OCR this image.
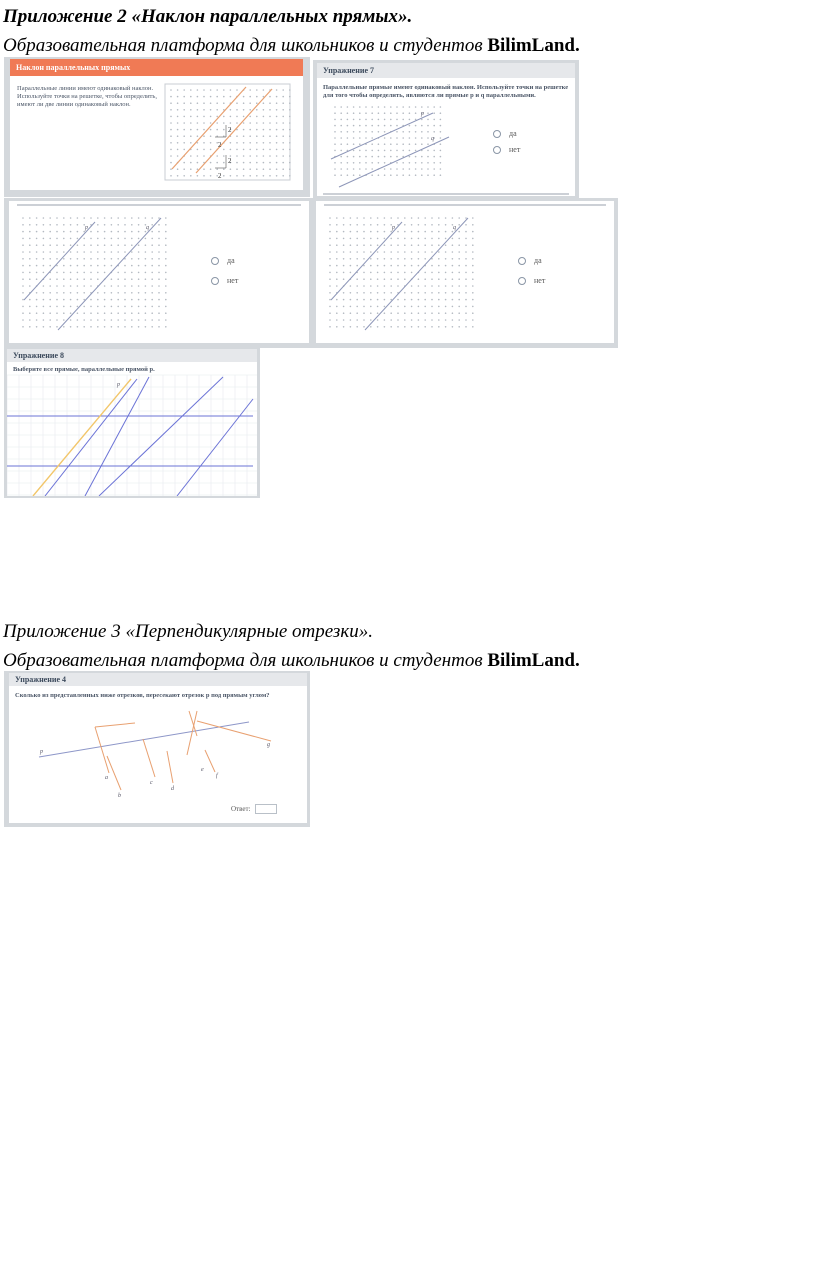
Приложение 2 «Наклон параллельных прямых».
Образовательная платформа для школьников и студентов BilimLand.
Наклон параллельных прямых
Параллельные линии имеют одинаковый наклон. Используйте точки на решетке, чтобы определить, имеют ли две линии одинаковый наклон.
2
2
2
2
Упражнение 7
Параллельные прямые имеют одинаковый наклон. Используйте точки на решетке для того чтобы определить, являются ли прямые p и q параллельными.
p
q
да
нет
p	q
да
нет
p	q
да
нет
Упражнение 8
Выберите все прямые, параллельные прямой p.
p
Приложение 3 «Перпендикулярные отрезки».
Образовательная платформа для школьников и студентов BilimLand.
Упражнение 4
Сколько из представленных ниже отрезков, пересекают отрезок p под прямым углом?
p
a
b
c
d
e
f
g
Ответ:
